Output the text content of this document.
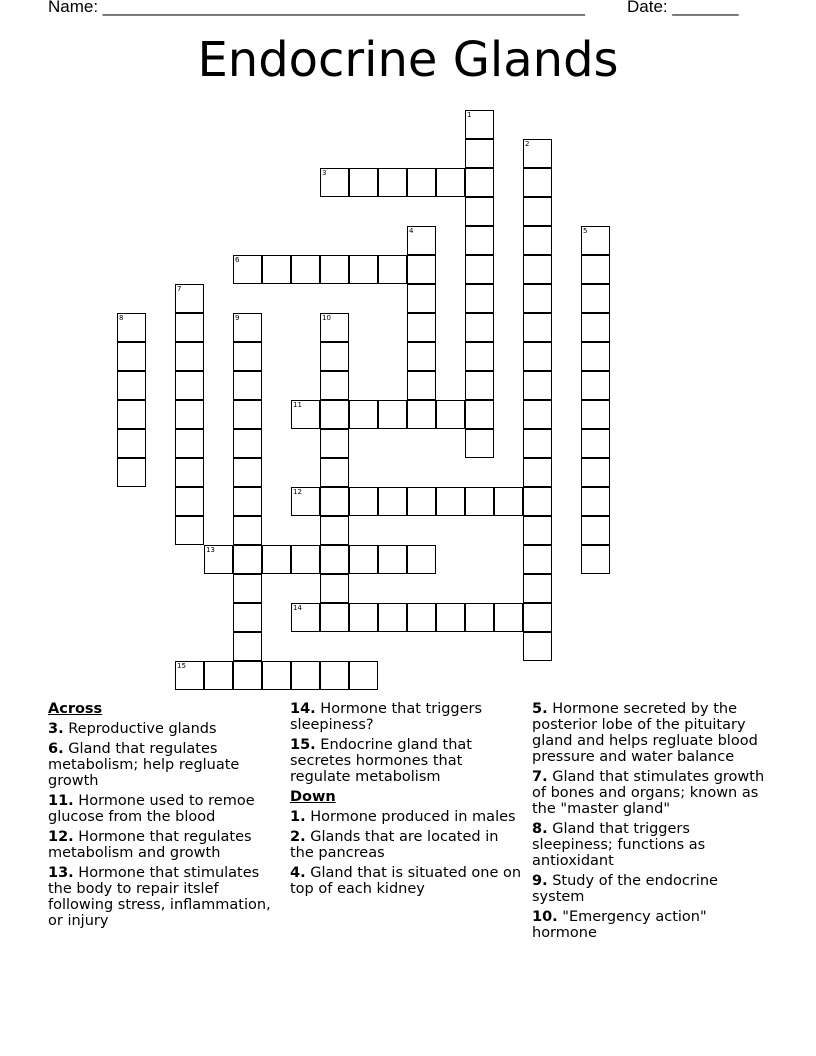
Name: ___________________________________________________ Date: _______
Endocrine Glands
1
2
3
4	5
6
7
8	9	10
11
12
13
14
15
Across
3. Reproductive glands
6. Gland that regulates metabolism; help regluate growth
11. Hormone used to remoe glucose from the blood
12. Hormone that regulates metabolism and growth
13. Hormone that stimulates the body to repair itslef following stress, inflammation, or injury
14. Hormone that triggers sleepiness?
15. Endocrine gland that secretes hormones that regulate metabolism
Down
1. Hormone produced in males
2. Glands that are located in the pancreas
4. Gland that is situated one on top of each kidney
5. Hormone secreted by the posterior lobe of the pituitary gland and helps regluate blood pressure and water balance
7. Gland that stimulates growth of bones and organs; known as the "master gland"
8. Gland that triggers sleepiness; functions as antioxidant
9. Study of the endocrine system
10. "Emergency action" hormone
